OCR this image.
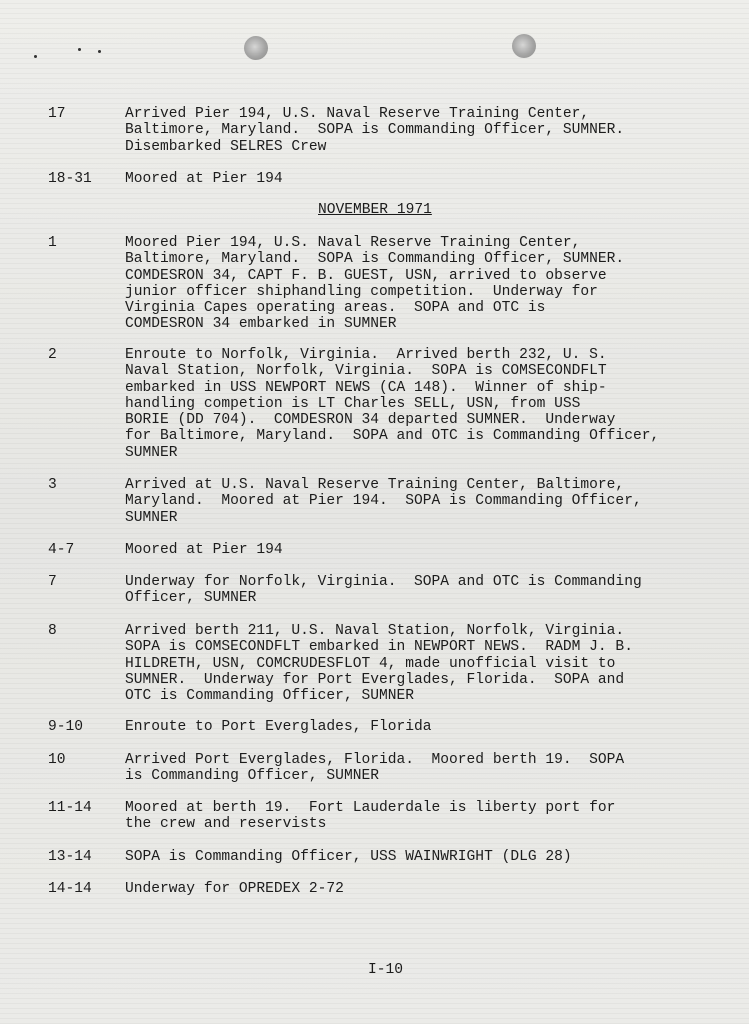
17	Arrived Pier 194, U.S. Naval Reserve Training Center,
Baltimore, Maryland.  SOPA is Commanding Officer, SUMNER.
Disembarked SELRES Crew
18-31 Moored at Pier 194
NOVEMBER 1971
1	Moored Pier 194, U.S. Naval Reserve Training Center,
Baltimore, Maryland.  SOPA is Commanding Officer, SUMNER.
COMDESRON 34, CAPT F. B. GUEST, USN, arrived to observe
junior officer shiphandling competition.  Underway for
Virginia Capes operating areas.  SOPA and OTC is
COMDESRON 34 embarked in SUMNER
2	Enroute to Norfolk, Virginia.  Arrived berth 232, U. S.
Naval Station, Norfolk, Virginia.  SOPA is COMSECONDFLT
embarked in USS NEWPORT NEWS (CA 148).  Winner of ship-
handling competion is LT Charles SELL, USN, from USS
BORIE (DD 704).  COMDESRON 34 departed SUMNER.  Underway
for Baltimore, Maryland.  SOPA and OTC is Commanding Officer,
SUMNER
3	Arrived at U.S. Naval Reserve Training Center, Baltimore,
Maryland.  Moored at Pier 194.  SOPA is Commanding Officer,
SUMNER
4-7	Moored at Pier 194
7	Underway for Norfolk, Virginia.  SOPA and OTC is Commanding
Officer, SUMNER
8	Arrived berth 211, U.S. Naval Station, Norfolk, Virginia.
SOPA is COMSECONDFLT embarked in NEWPORT NEWS.  RADM J. B.
HILDRETH, USN, COMCRUDESFLOT 4, made unofficial visit to
SUMNER.  Underway for Port Everglades, Florida.  SOPA and
OTC is Commanding Officer, SUMNER
9-10	Enroute to Port Everglades, Florida
10	Arrived Port Everglades, Florida.  Moored berth 19.  SOPA
is Commanding Officer, SUMNER
11-14 Moored at berth 19.  Fort Lauderdale is liberty port for
the crew and reservists
13-14 SOPA is Commanding Officer, USS WAINWRIGHT (DLG 28)
14-14 Underway for OPREDEX 2-72
I-10
